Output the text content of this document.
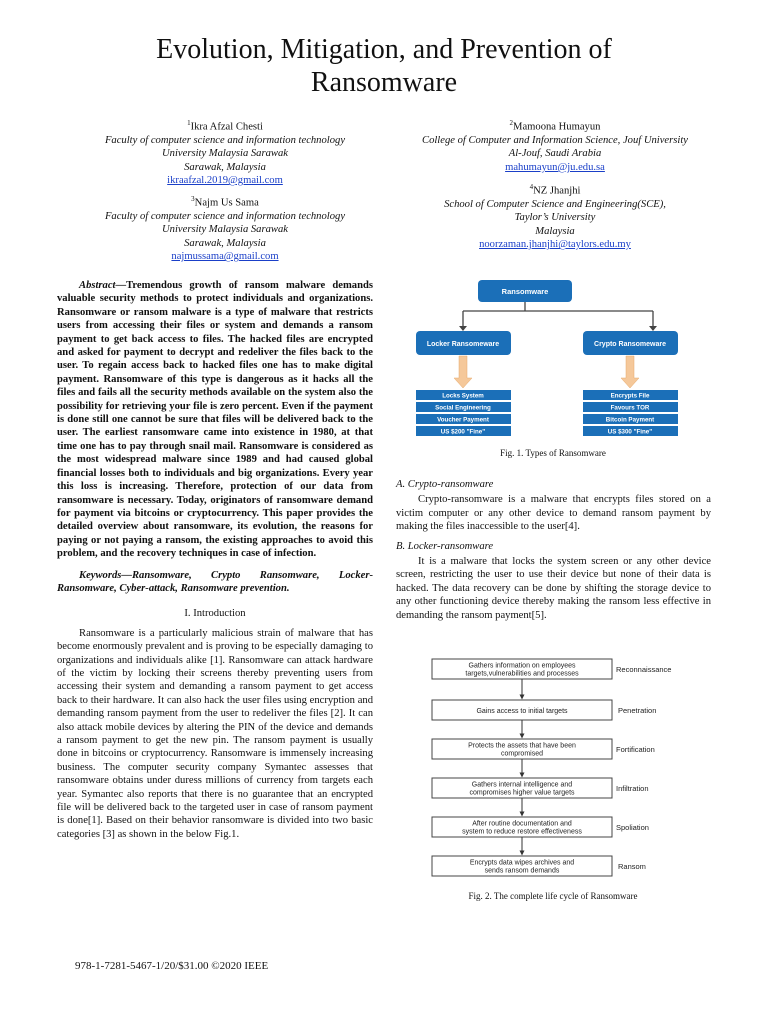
Evolution, Mitigation, and Prevention of
Ransomware
$^1$Ikra Afzal Chesti
Faculty of computer science and information technology
University Malaysia Sarawak
Sarawak, Malaysia
ikraafzal.2019@gmail.com
$^3$Najm Us Sama
Faculty of computer science and information technology
University Malaysia Sarawak
Sarawak, Malaysia
najmussama@gmail.com
$^2$Mamoona Humayun
College of Computer and Information Science, Jouf University
Al-Jouf, Saudi Arabia
mahumayun@ju.edu.sa
$^4$NZ Jhanjhi
School of Computer Science and Engineering(SCE),
Taylor’s University
Malaysia
noorzaman.jhanjhi@taylors.edu.my

Abstract—Tremendous growth of ransom malware demands valuable security methods to protect individuals and organizations. Ransomware or ransom malware is a type of malware that restricts users from accessing their files or system and demands a ransom payment to get back access to files. The hacked files are encrypted and asked for payment to decrypt and redeliver the files back to the user. To regain access back to hacked files one has to make digital payment. Ransomware of this type is dangerous as it hacks all the files and fails all the security methods available on the system also the possibility for retrieving your file is zero percent. Even if the payment is done still one cannot be sure that files will be delivered back to the user. The earliest ransomware came into existence in 1980, at that time one has to pay through snail mail. Ransomware is considered as the most widespread malware since 1989 and had caused global financial losses both to individuals and big organizations. Every year this loss is increasing. Therefore, protection of our data from ransomware is necessary. Today, originators of ransomware demand for payment via bitcoins or cryptocurrency. This paper provides the detailed overview about ransomware, its evolution, the reasons for paying or not paying a ransom, the existing approaches to avoid this problem, and the recovery techniques in case of infection.

Keywords—Ransomware, Crypto Ransomware, Locker-Ransomware, Cyber-attack, Ransomware prevention.

I. Introduction

Ransomware is a particularly malicious strain of malware that has become enormously prevalent and is proving to be especially damaging to organizations and individuals alike [1]. Ransomware can attack hardware of the victim by locking their screens thereby preventing users from accessing their system and demanding a ransom payment to get access back to their hardware. It can also hack the user files using encryption and demanding ransom payment from the user to redeliver the files [2]. It can also attack mobile devices by altering the PIN of the device and demands a ransom payment to get the new pin. The ransom payment is usually done in bitcoins or cryptocurrency. Ransomware is immensely increasing business. The computer security company Symantec assesses that ransomware obtains under duress millions of currency from targets each year. Symantec also reports that there is no guarantee that an encrypted file will be delivered back to the targeted user in case of ransom payment is done[1]. Based on their behavior ransomware is divided into two basic categories [3] as shown in the below Fig.1.

Ransomware
Locker Ransomeware	Crypto Ransomeware
Locks System
Social Engineering
Voucher Payment
US $200 "Fine"
Encrypts File
Favours TOR
Bitcoin Payment
US $300 "Fine"
Fig. 1. Types of Ransomware
A. Crypto-ransomware

Crypto-ransomware is a malware that encrypts files stored on a victim computer or any other device to demand ransom payment by making the files inaccessible to the user[4].

B. Locker-ransomware

It is a malware that locks the system screen or any other device screen, restricting the user to use their device but none of their data is hacked. The data recovery can be done by shifting the storage device to any other functioning device thereby making the ransom less effective in demanding the ransom payment[5].

Gathers information on employees
targets,vulnerabilities and processes	Reconnaissance
Gains access to initial targets	Penetration
Protects the assets that have been
compromised	Fortification
Gathers internal intelligence and
compromises higher value targets	Infiltration
After routine documentation and
system to reduce restore effectiveness	Spoliation
Encrypts data wipes archives and
sends ransom demands	Ransom
Fig. 2. The complete life cycle of Ransomware
978-1-7281-5467-1/20/$31.00 ©2020 IEEE
